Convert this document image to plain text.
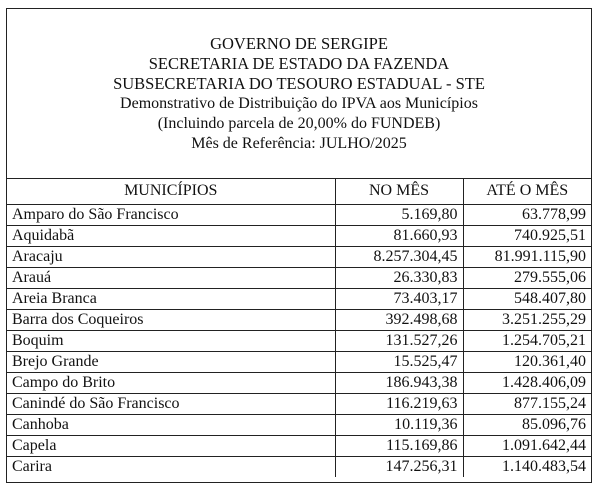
GOVERNO DE SERGIPE
SECRETARIA DE ESTADO DA FAZENDA
SUBSECRETARIA DO TESOURO ESTADUAL - STE
Demonstrativo de Distribuição do IPVA aos Municípios
(Incluindo parcela de 20,00% do FUNDEB)
Mês de Referência: JULHO/2025
MUNICÍPIOS	NO MÊS	ATÉ O MÊS
Amparo do São Francisco	5.169,80	63.778,99
Aquidabã	81.660,93	740.925,51
Aracaju	8.257.304,45	81.991.115,90
Arauá	26.330,83	279.555,06
Areia Branca	73.403,17	548.407,80
Barra dos Coqueiros	392.498,68	3.251.255,29
Boquim	131.527,26	1.254.705,21
Brejo Grande	15.525,47	120.361,40
Campo do Brito	186.943,38	1.428.406,09
Canindé do São Francisco	116.219,63	877.155,24
Canhoba	10.119,36	85.096,76
Capela	115.169,86	1.091.642,44
Carira	147.256,31	1.140.483,54
